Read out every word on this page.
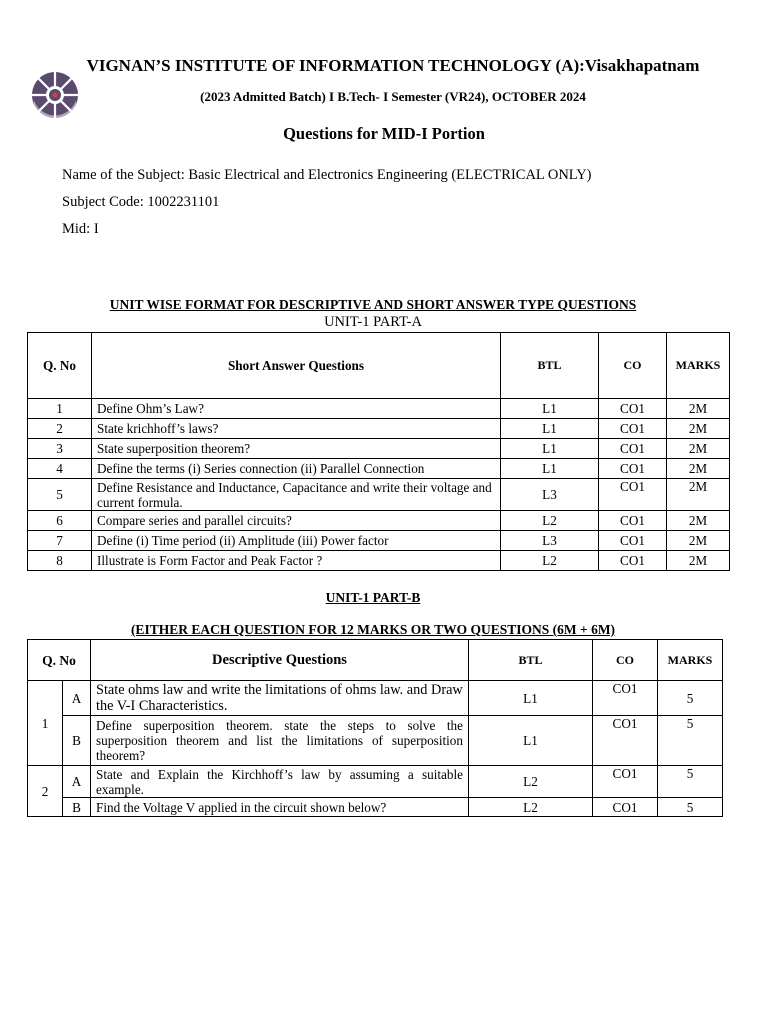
VIGNAN’S INSTITUTE OF INFORMATION TECHNOLOGY (A):Visakhapatnam
(2023 Admitted Batch) I B.Tech- I Semester (VR24), OCTOBER 2024
Questions for MID-I Portion
Name of the Subject: Basic Electrical and Electronics Engineering (ELECTRICAL ONLY)
Subject Code: 1002231101
Mid: I
UNIT WISE FORMAT FOR DESCRIPTIVE AND SHORT ANSWER TYPE QUESTIONS
UNIT-1 PART-A
Q. No	Short Answer Questions	BTL	CO	MARKS
1	Define Ohm’s Law?	L1	CO1	2M
2	State krichhoff’s laws?	L1	CO1	2M
3	State superposition theorem?	L1	CO1	2M
4	Define the terms (i) Series connection (ii) Parallel Connection	L1	CO1	2M
5	Define Resistance and Inductance, Capacitance and write their voltage and current formula.	L3	CO1	2M
6	Compare series and parallel circuits?	L2	CO1	2M
7	Define (i) Time period (ii) Amplitude (iii) Power factor	L3	CO1	2M
8	Illustrate is Form Factor and Peak Factor ?	L2	CO1	2M
UNIT-1 PART-B
(EITHER EACH QUESTION FOR 12 MARKS OR TWO QUESTIONS (6M + 6M)
Q. No		Descriptive Questions	BTL	CO	MARKS
1	A	State ohms law and write the limitations of ohms law. and Draw the V-I Characteristics.	L1	CO1	5
	B	Define superposition theorem. state the steps to solve the superposition theorem and list the limitations of superposition theorem?	L1	CO1	5
2	A	State and Explain the Kirchhoff’s law by assuming a suitable example.	L2	CO1	5
	B	Find the Voltage V applied in the circuit shown below?	L2	CO1	5
